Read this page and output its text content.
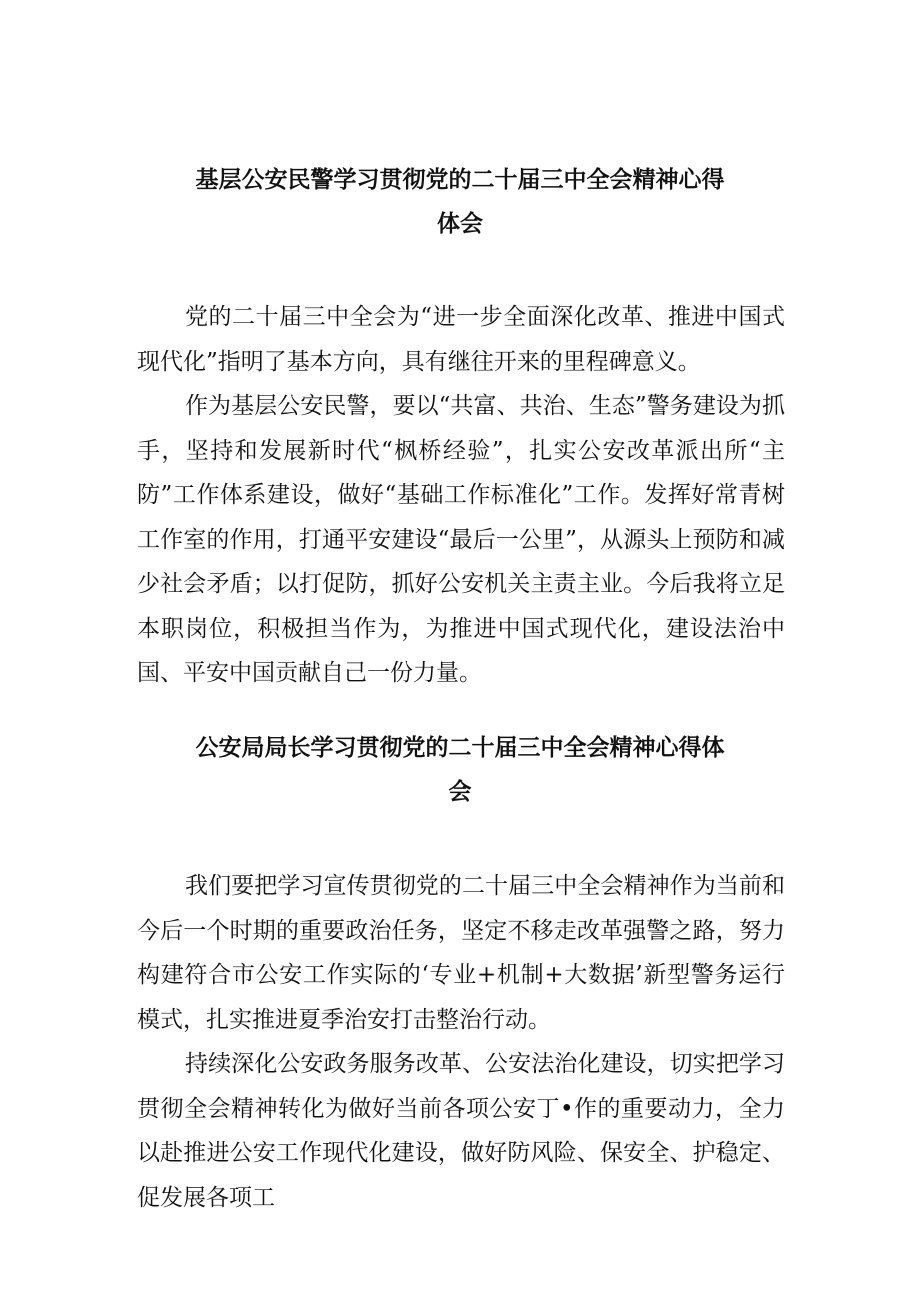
基层公安民警学习贯彻党的二十届三中全会精神心得
体会

党的二十届三中全会为“进一步全面深化改革、推进中国式现代化”指明了基本方向，具有继往开来的里程碑意义。

作为基层公安民警，要以“共富、共治、生态”警务建设为抓手，坚持和发展新时代“枫桥经验”，扎实公安改革派出所“主防”工作体系建设，做好“基础工作标准化”工作。发挥好常青树工作室的作用，打通平安建设“最后一公里”，从源头上预防和减少社会矛盾；以打促防，抓好公安机关主责主业。今后我将立足本职岗位，积极担当作为，为推进中国式现代化，建设法治中国、平安中国贡献自己一份力量。

公安局局长学习贯彻党的二十届三中全会精神心得体
会

我们要把学习宣传贯彻党的二十届三中全会精神作为当前和今后一个时期的重要政治任务，坚定不移走改革强警之路，努力构建符合市公安工作实际的‘专业+机制+大数据’新型警务运行模式，扎实推进夏季治安打击整治行动。

持续深化公安政务服务改革、公安法治化建设，切实把学习贯彻全会精神转化为做好当前各项公安丁•作的重要动力，全力以赴推进公安工作现代化建设，做好防风险、保安全、护稳定、促发展各项工
